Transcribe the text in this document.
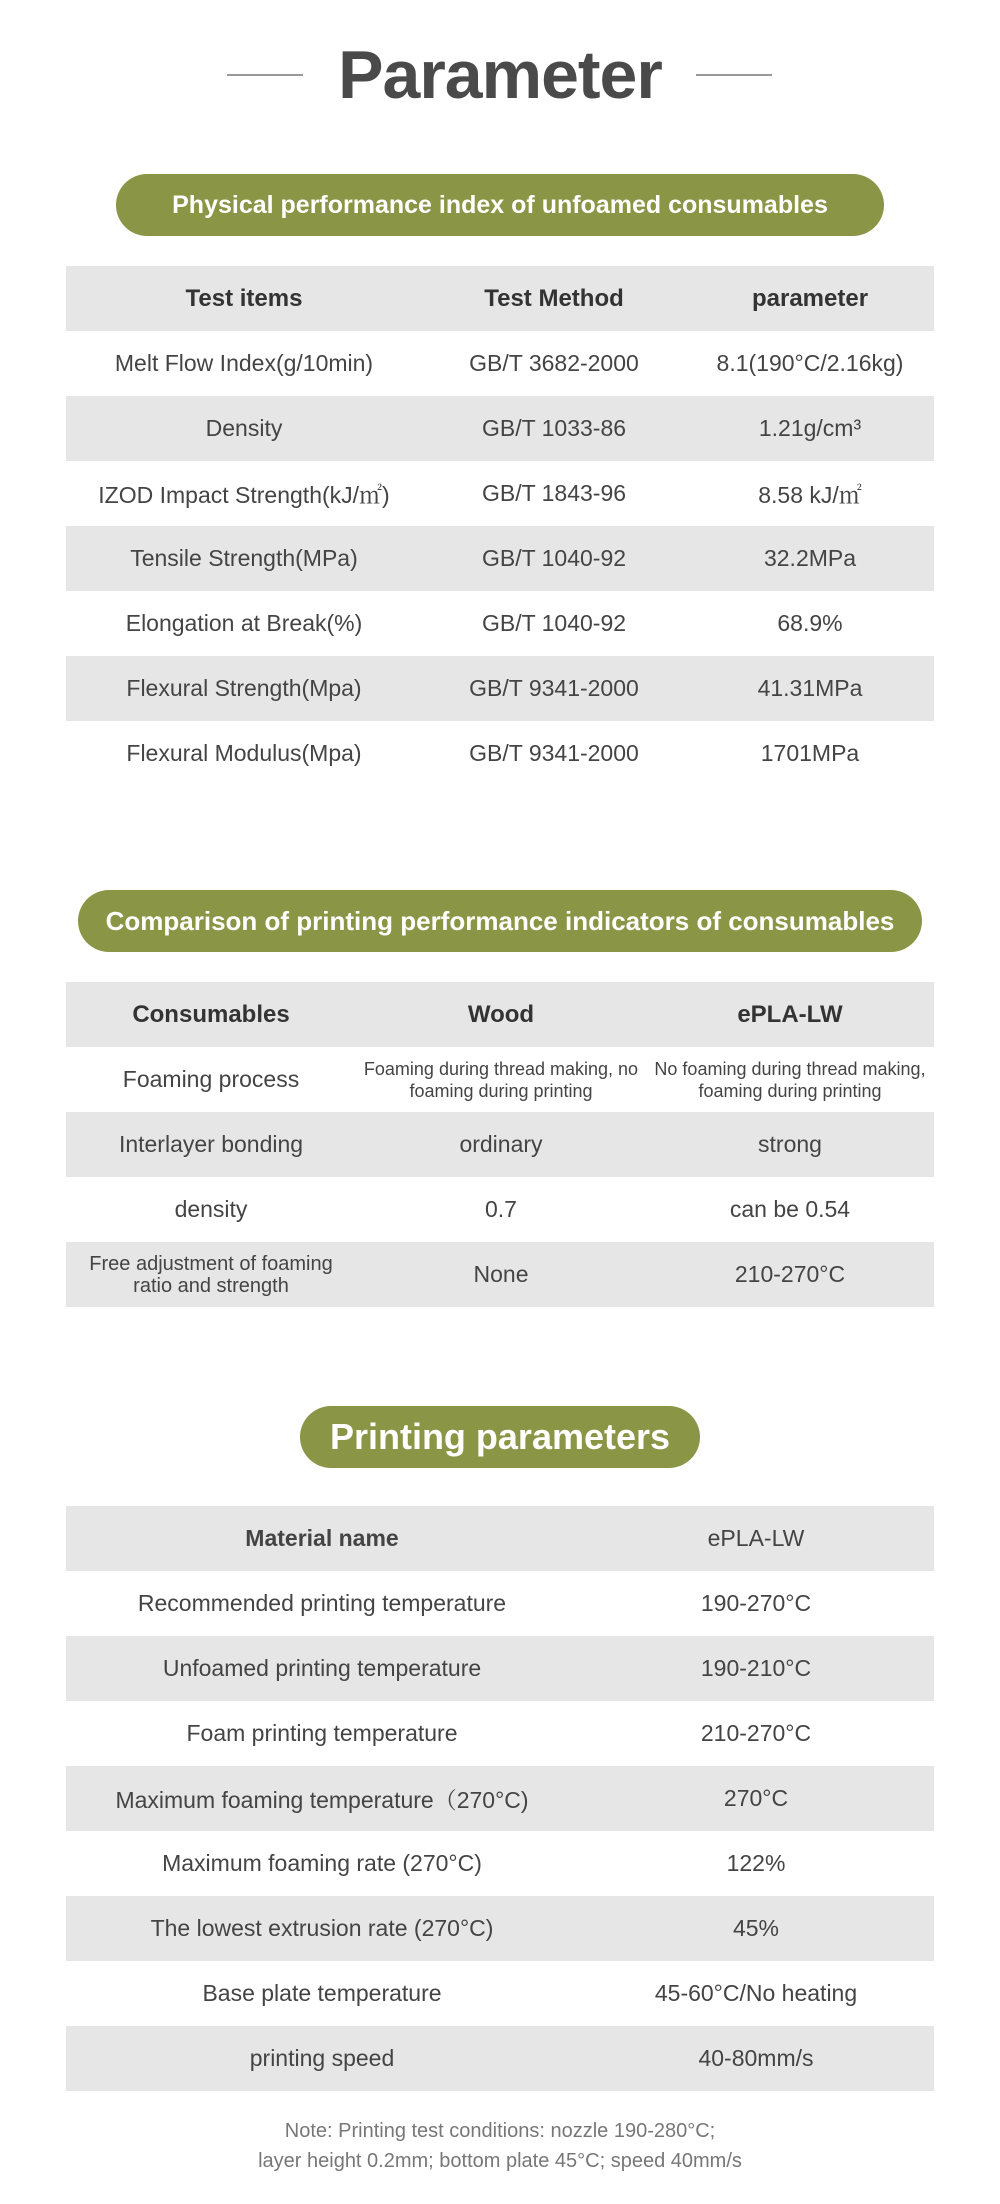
Parameter
Physical performance index of unfoamed consumables
Test items	Test Method	parameter
Melt Flow Index(g/10min)	GB/T 3682-2000	8.1(190°C/2.16kg)
Density	GB/T 1033-86	1.21g/cm³
IZOD Impact Strength(kJ/㎡)	GB/T 1843-96	8.58 kJ/㎡
Tensile Strength(MPa)	GB/T 1040-92	32.2MPa
Elongation at Break(%)	GB/T 1040-92	68.9%
Flexural Strength(Mpa)	GB/T 9341-2000	41.31MPa
Flexural Modulus(Mpa)	GB/T 9341-2000	1701MPa
Comparison of printing performance indicators of consumables
Consumables	Wood	ePLA-LW
Foaming process	Foaming during thread making, no foaming during printing	No foaming during thread making, foaming during printing
Interlayer bonding	ordinary	strong
density	0.7	can be 0.54
Free adjustment of foaming ratio and strength	None	210-270°C
Printing parameters
Material name	ePLA-LW
Recommended printing temperature	190-270°C
Unfoamed printing temperature	190-210°C
Foam printing temperature	210-270°C
Maximum foaming temperature（270°C)	270°C
Maximum foaming rate (270°C)	122%
The lowest extrusion rate (270°C)	45%
Base plate temperature	45-60°C/No heating
printing speed	40-80mm/s
Note: Printing test conditions: nozzle 190-280°C;
layer height 0.2mm; bottom plate 45°C; speed 40mm/s
